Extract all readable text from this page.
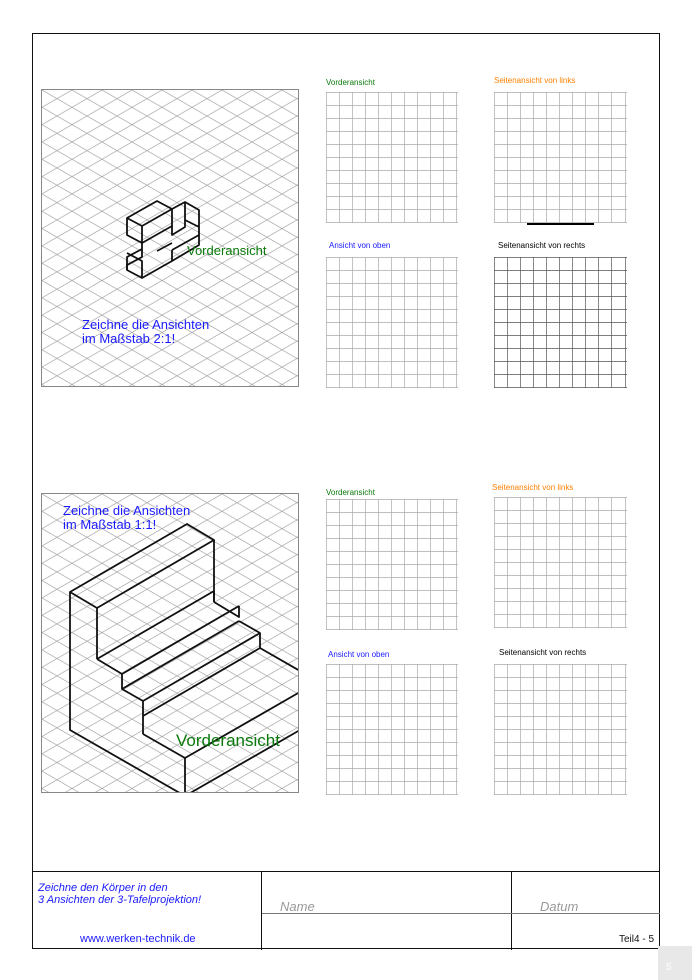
Zeichne die Ansichten
im Maßstab 2:1!
Vorderansicht
Vorderansicht	Seitenansicht von links
Ansicht von oben	Seitenansicht von rechts
Zeichne die Ansichten
im Maßstab 1:1!
Vorderansicht
Vorderansicht
Seitenansicht von links
Ansicht von oben	Seitenansicht von rechts
Zeichne den Körper in den
3 Ansichten der 3-Tafelprojektion!
www.werken-technik.de
Name	Datum
Teil4 - 5
5
